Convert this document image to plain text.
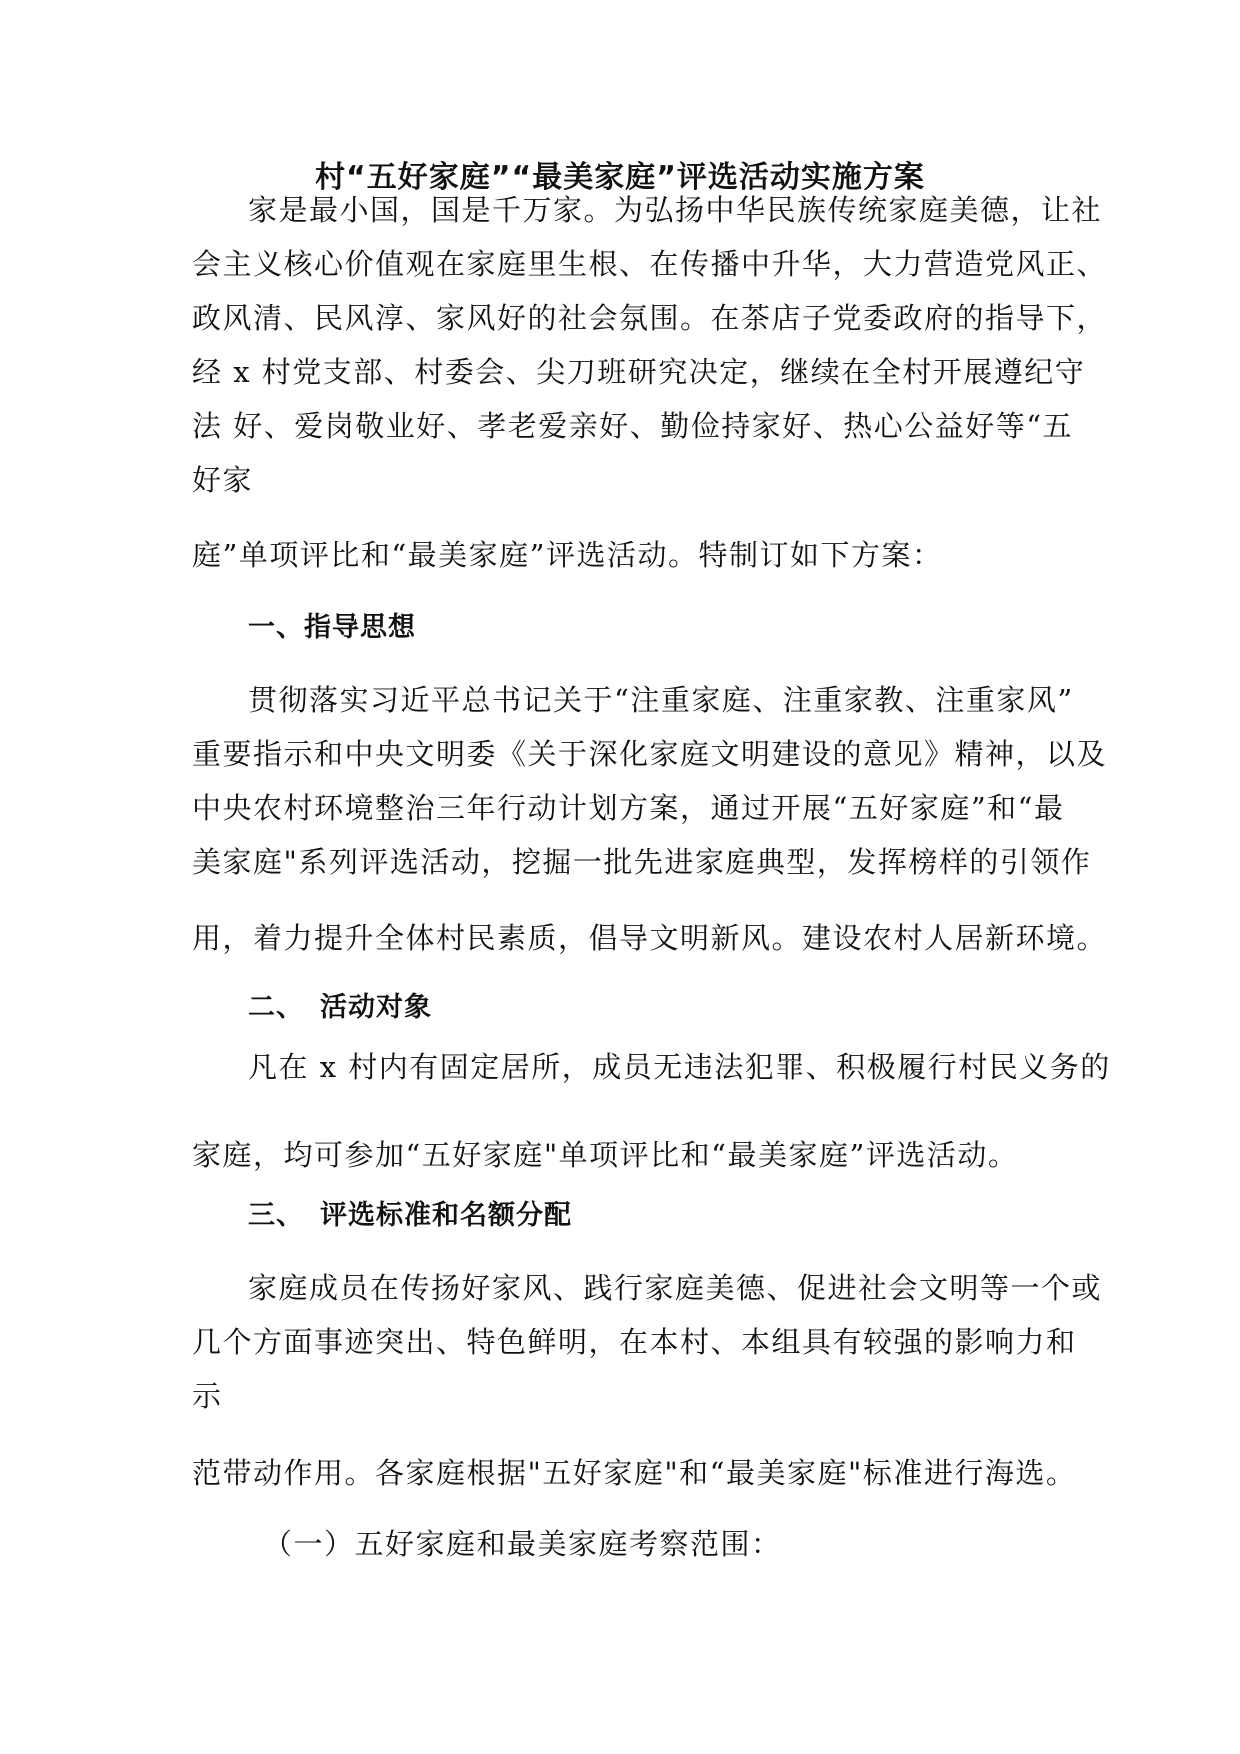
村“五好家庭”“最美家庭”评选活动实施方案
家是最小国，国是千万家。为弘扬中华民族传统家庭美德，让社
会主义核心价值观在家庭里生根、在传播中升华，大力营造党风正、
政风清、民风淳、家风好的社会氛围。在茶店子党委政府的指导下，
经 x 村党支部、村委会、尖刀班研究决定，继续在全村开展遵纪守
法 好、爱岗敬业好、孝老爱亲好、勤俭持家好、热心公益好等“五
好家
庭”单项评比和“最美家庭”评选活动。特制订如下方案：
一、指导思想
贯彻落实习近平总书记关于“注重家庭、注重家教、注重家风”
重要指示和中央文明委《关于深化家庭文明建设的意见》精神，以及
中央农村环境整治三年行动计划方案，通过开展“五好家庭”和“最
美家庭"系列评选活动，挖掘一批先进家庭典型，发挥榜样的引领作
用，着力提升全体村民素质，倡导文明新风。建设农村人居新环境。
二、 活动对象
凡在 x 村内有固定居所，成员无违法犯罪、积极履行村民义务的
家庭，均可参加“五好家庭"单项评比和“最美家庭”评选活动。
三、 评选标准和名额分配
家庭成员在传扬好家风、践行家庭美德、促进社会文明等一个或
几个方面事迹突出、特色鲜明，在本村、本组具有较强的影响力和
示
范带动作用。各家庭根据"五好家庭"和“最美家庭"标准进行海选。
（一）五好家庭和最美家庭考察范围：
